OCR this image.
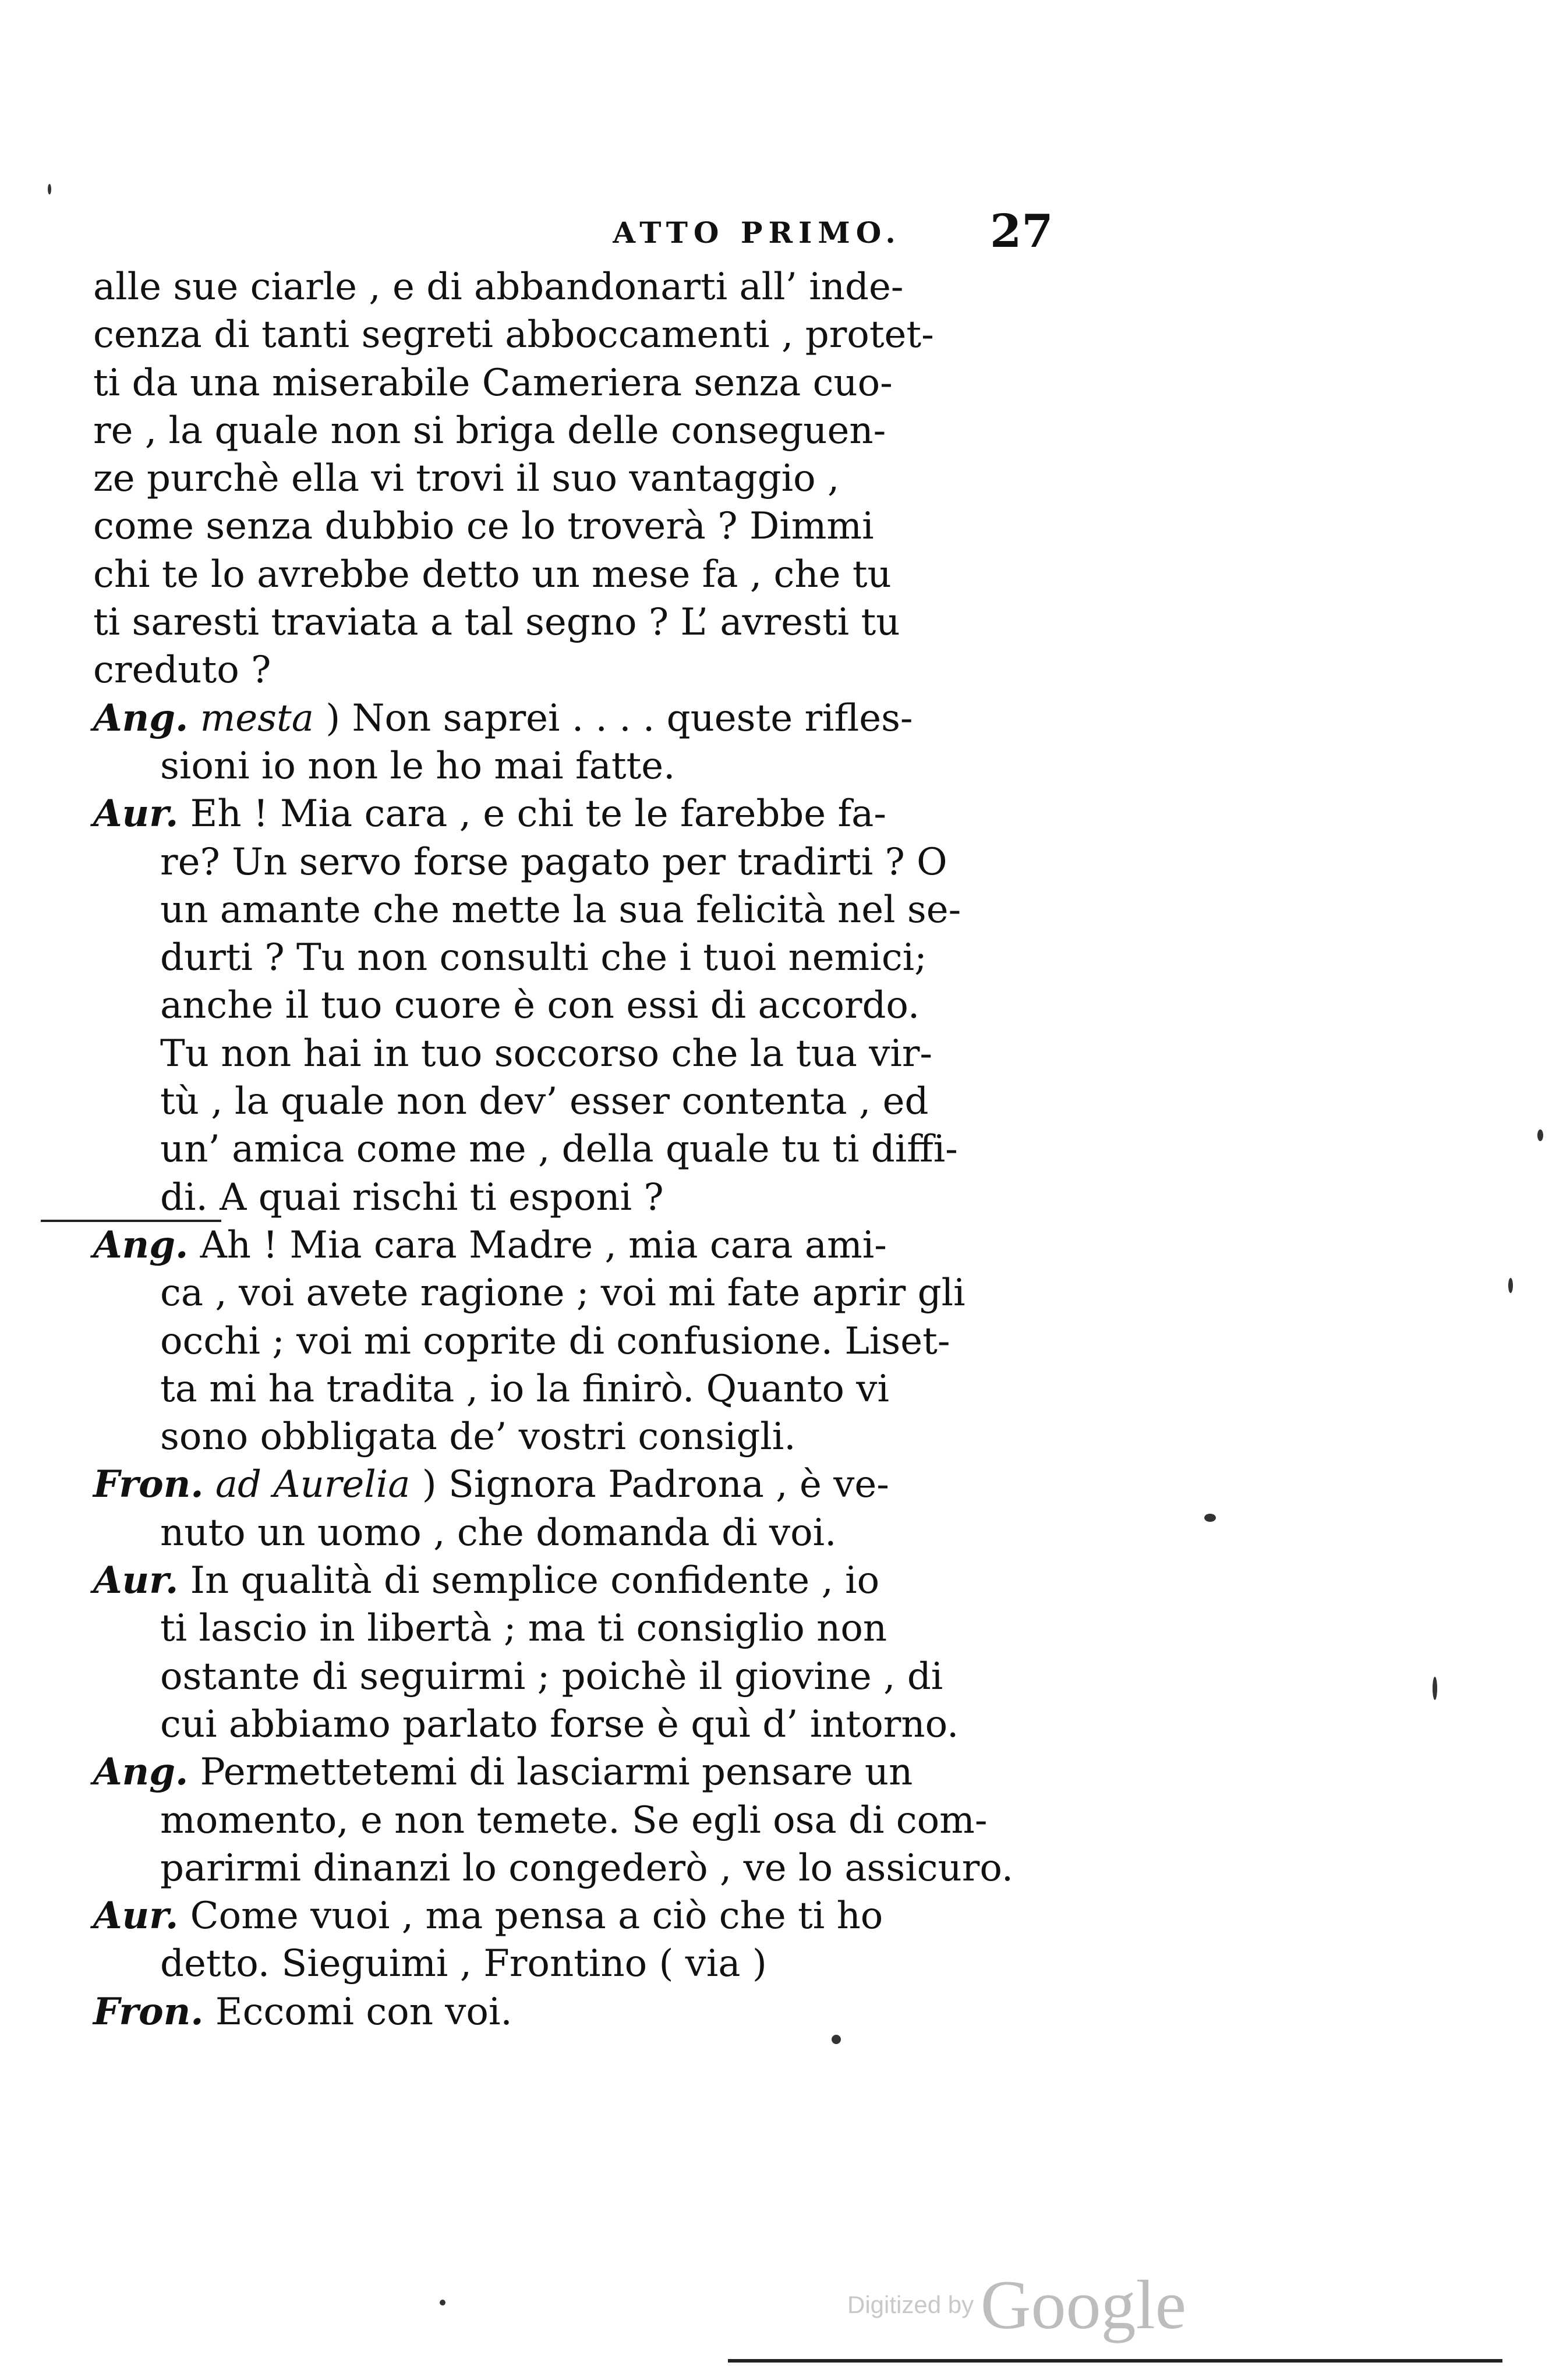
ATTO PRIMO.	27
alle sue ciarle , e di abbandonarti all’ inde-
cenza di tanti segreti abboccamenti , protet-
ti da una miserabile Cameriera senza cuo-
re , la quale non si briga delle conseguen-
ze purchè ella vi trovi il suo vantaggio ,
come senza dubbio ce lo troverà ? Dimmi
chi te lo avrebbe detto un mese fa , che tu
ti saresti traviata a tal segno ? L’ avresti tu
creduto ?
Ang. mesta ) Non saprei . . . . queste rifles-
sioni io non le ho mai fatte.
Aur. Eh ! Mia cara , e chi te le farebbe fa-
re? Un servo forse pagato per tradirti ? O
un amante che mette la sua felicità nel se-
durti ? Tu non consulti che i tuoi nemici;
anche il tuo cuore è con essi di accordo.
Tu non hai in tuo soccorso che la tua vir-
tù , la quale non dev’ esser contenta , ed
un’ amica come me , della quale tu ti diffi-
di. A quai rischi ti esponi ?
Ang. Ah ! Mia cara Madre , mia cara ami-
ca , voi avete ragione ; voi mi fate aprir gli
occhi ; voi mi coprite di confusione. Liset-
ta mi ha tradita , io la finirò. Quanto vi
sono obbligata de’ vostri consigli.
Fron. ad Aurelia ) Signora Padrona , è ve-
nuto un uomo , che domanda di voi.
Aur. In qualità di semplice confidente , io
ti lascio in libertà ; ma ti consiglio non
ostante di seguirmi ; poichè il giovine , di
cui abbiamo parlato forse è quì d’ intorno.
Ang. Permettetemi di lasciarmi pensare un
momento, e non temete. Se egli osa di com-
parirmi dinanzi lo congederò , ve lo assicuro.
Aur. Come vuoi , ma pensa a ciò che ti ho
detto. Sieguimi , Frontino ( via )
Fron. Eccomi con voi.
Digitized by Google
